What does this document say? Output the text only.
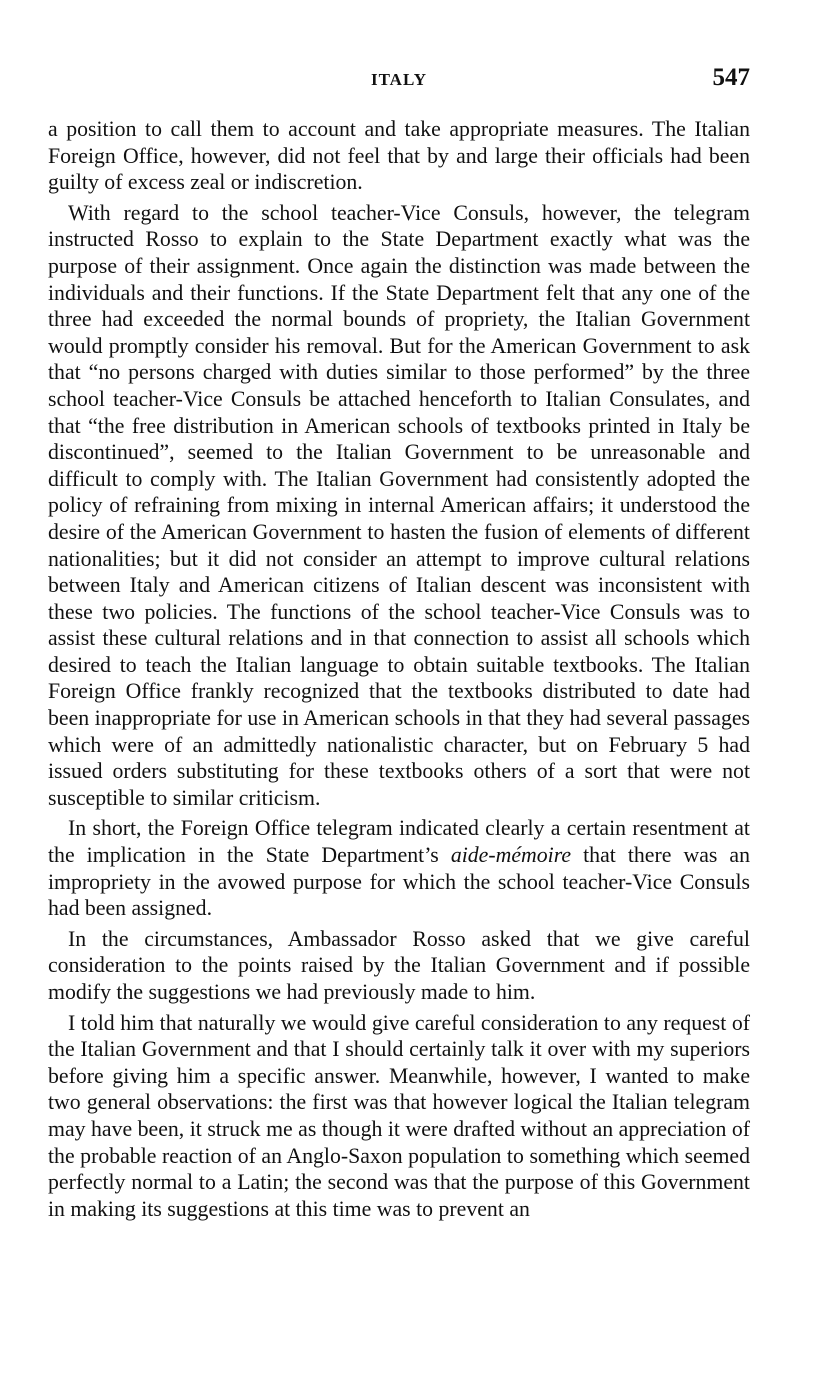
ITALY	547

a position to call them to account and take appropriate measures. The Italian Foreign Office, however, did not feel that by and large their officials had been guilty of excess zeal or indiscretion.

With regard to the school teacher-Vice Consuls, however, the telegram instructed Rosso to explain to the State Department exactly what was the purpose of their assignment. Once again the distinction was made between the individuals and their functions. If the State Department felt that any one of the three had exceeded the normal bounds of propriety, the Italian Government would promptly consider his removal. But for the American Government to ask that “no persons charged with duties similar to those performed” by the three school teacher-Vice Consuls be attached henceforth to Italian Consulates, and that “the free distribution in American schools of textbooks printed in Italy be discontinued”, seemed to the Italian Government to be unreasonable and difficult to comply with. The Italian Government had consistently adopted the policy of refraining from mixing in internal American affairs; it understood the desire of the American Government to hasten the fusion of elements of different nationalities; but it did not consider an attempt to improve cultural relations between Italy and American citizens of Italian descent was inconsistent with these two policies. The functions of the school teacher-Vice Consuls was to assist these cultural relations and in that connection to assist all schools which desired to teach the Italian language to obtain suitable textbooks. The Italian Foreign Office frankly recognized that the textbooks distributed to date had been inappropriate for use in American schools in that they had several passages which were of an admittedly nationalistic character, but on February 5 had issued orders substituting for these textbooks others of a sort that were not susceptible to similar criticism.

In short, the Foreign Office telegram indicated clearly a certain resentment at the implication in the State Department’s aide-mémoire that there was an impropriety in the avowed purpose for which the school teacher-Vice Consuls had been assigned.

In the circumstances, Ambassador Rosso asked that we give careful consideration to the points raised by the Italian Government and if possible modify the suggestions we had previously made to him.

I told him that naturally we would give careful consideration to any request of the Italian Government and that I should certainly talk it over with my superiors before giving him a specific answer. Meanwhile, however, I wanted to make two general observations: the first was that however logical the Italian telegram may have been, it struck me as though it were drafted without an appreciation of the probable reaction of an Anglo-Saxon population to something which seemed perfectly normal to a Latin; the second was that the purpose of this Government in making its suggestions at this time was to prevent an
